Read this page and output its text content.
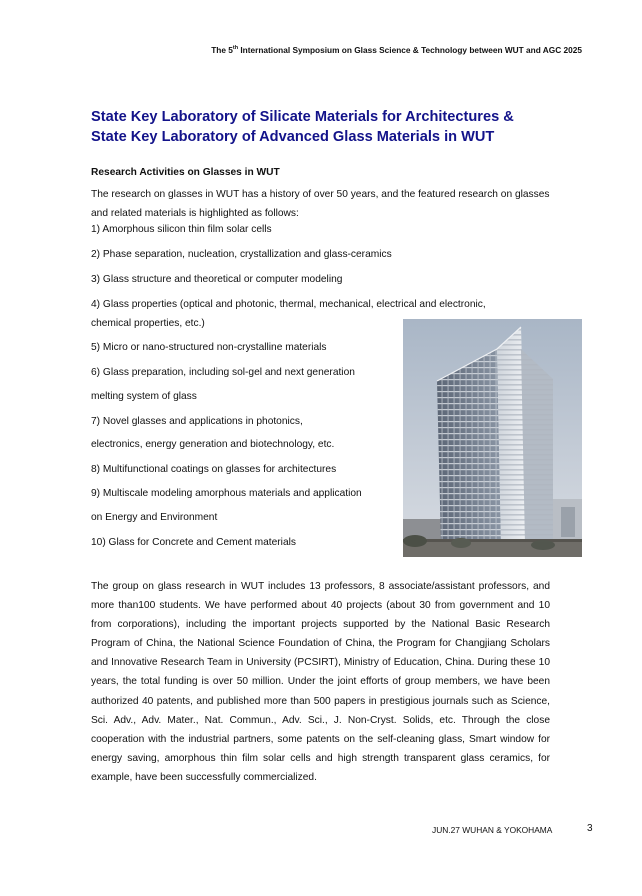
The 5th International Symposium on Glass Science & Technology between WUT and AGC 2025
State Key Laboratory of Silicate Materials for Architectures &
State Key Laboratory of Advanced Glass Materials in WUT
Research Activities on Glasses in WUT

The research on glasses in WUT has a history of over 50 years, and the featured research on glasses and related materials is highlighted as follows:

1) Amorphous silicon thin film solar cells
2) Phase separation, nucleation, crystallization and glass-ceramics
3) Glass structure and theoretical or computer modeling
4) Glass properties (optical and photonic, thermal, mechanical, electrical and electronic,
chemical properties, etc.)
5) Micro or nano-structured non-crystalline materials
6) Glass preparation, including sol-gel and next generation
melting system of glass
7) Novel glasses and applications in photonics,
electronics, energy generation and biotechnology, etc.
8) Multifunctional coatings on glasses for architectures
9) Multiscale modeling amorphous materials and application
on Energy and Environment
10) Glass for Concrete and Cement materials

The group on glass research in WUT includes 13 professors, 8 associate/assistant professors, and more than100 students. We have performed about 40 projects (about 30 from government and 10 from corporations), including the important projects supported by the National Basic Research Program of China, the National Science Foundation of China, the Program for Changjiang Scholars and Innovative Research Team in University (PCSIRT), Ministry of Education, China. During these 10 years, the total funding is over 50 million. Under the joint efforts of group members, we have been authorized 40 patents, and published more than 500 papers in prestigious journals such as Science, Sci. Adv., Adv. Mater., Nat. Commun., Adv. Sci., J. Non-Cryst. Solids, etc. Through the close cooperation with the industrial partners, some patents on the self-cleaning glass, Smart window for energy saving, amorphous thin film solar cells and high strength transparent glass ceramics, for example, have been successfully commercialized.

JUN.27 WUHAN & YOKOHAMA	3
